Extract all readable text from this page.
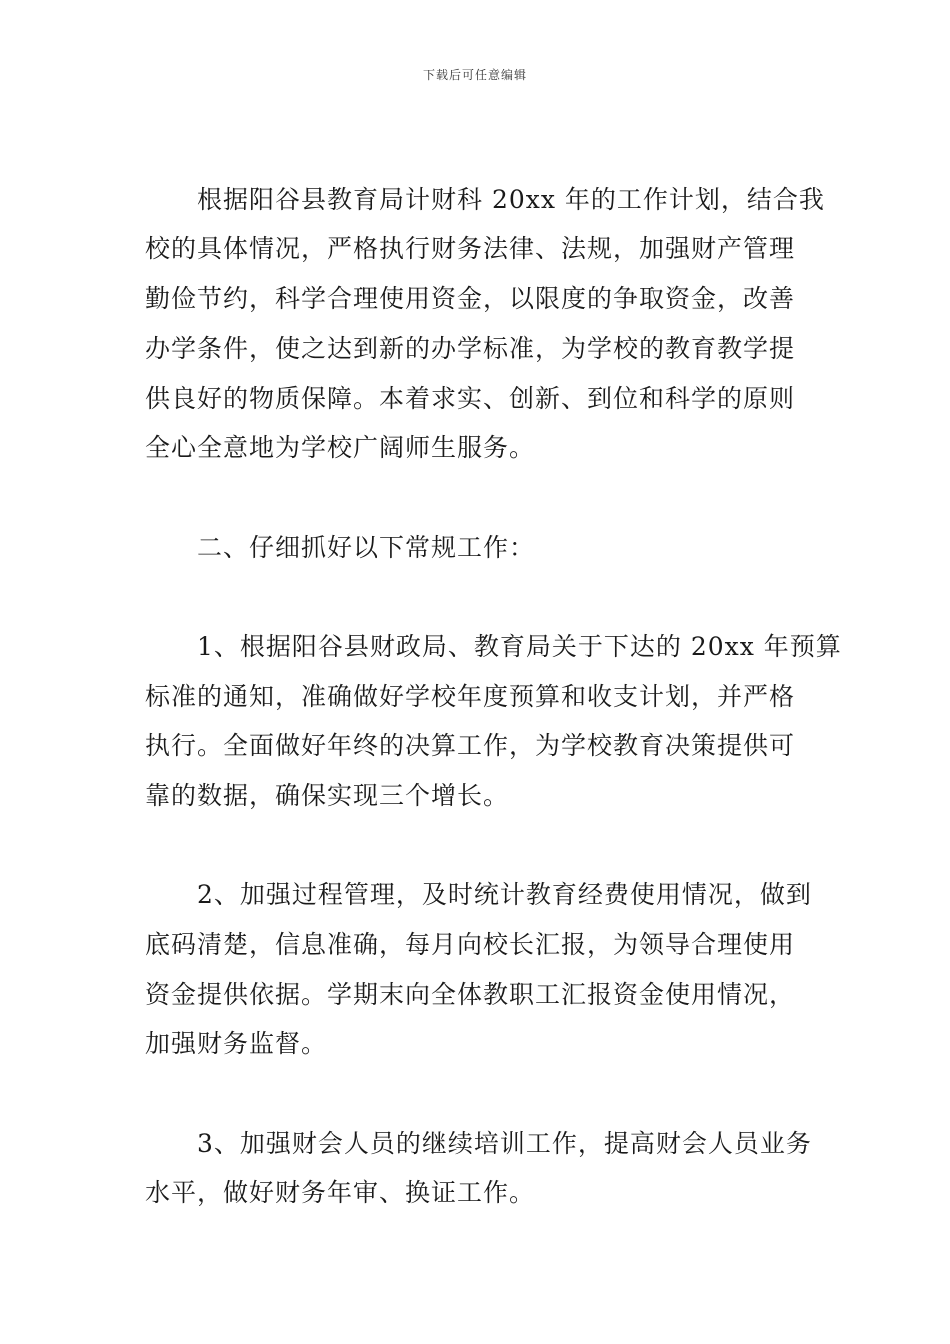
下载后可任意编辑
　　根据阳谷县教育局计财科 20xx 年的工作计划，结合我
校的具体情况，严格执行财务法律、法规，加强财产管理
勤俭节约，科学合理使用资金，以限度的争取资金，改善
办学条件，使之达到新的办学标准，为学校的教育教学提
供良好的物质保障。本着求实、创新、到位和科学的原则
全心全意地为学校广阔师生服务。
　　二、仔细抓好以下常规工作：
　　1、根据阳谷县财政局、教育局关于下达的 20xx 年预算
标准的通知，准确做好学校年度预算和收支计划，并严格
执行。全面做好年终的决算工作，为学校教育决策提供可
靠的数据，确保实现三个增长。
　　2、加强过程管理，及时统计教育经费使用情况，做到
底码清楚，信息准确，每月向校长汇报，为领导合理使用
资金提供依据。学期末向全体教职工汇报资金使用情况，
加强财务监督。
　　3、加强财会人员的继续培训工作，提高财会人员业务
水平，做好财务年审、换证工作。
